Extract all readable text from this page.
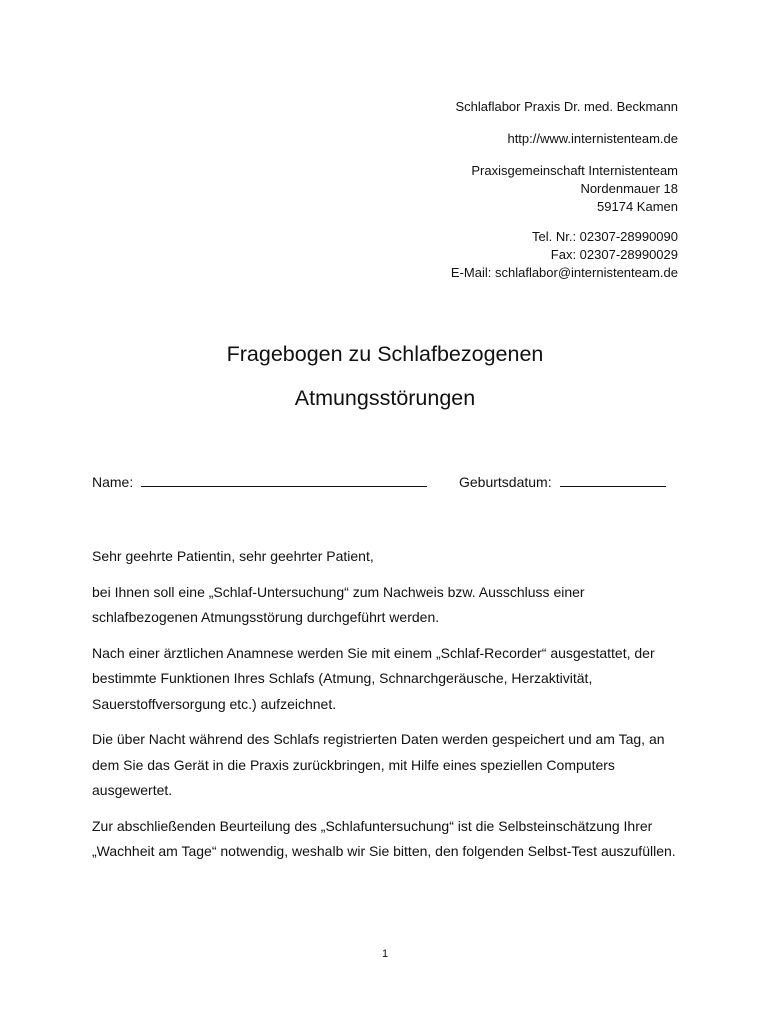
Schlaflabor Praxis Dr. med. Beckmann
http://www.internistenteam.de
Praxisgemeinschaft Internistenteam
Nordenmauer 18
59174 Kamen
Tel. Nr.: 02307-28990090
Fax: 02307-28990029
E-Mail: schlaflabor@internistenteam.de
Fragebogen zu Schlafbezogenen
Atmungsstörungen
Name:	Geburtsdatum:

Sehr geehrte Patientin, sehr geehrter Patient,

bei Ihnen soll eine „Schlaf-Untersuchung“ zum Nachweis bzw. Ausschluss einer schlafbezogenen Atmungsstörung durchgeführt werden.

Nach einer ärztlichen Anamnese werden Sie mit einem „Schlaf-Recorder“ ausgestattet, der bestimmte Funktionen Ihres Schlafs (Atmung, Schnarchgeräusche, Herzaktivität, Sauerstoffversorgung etc.) aufzeichnet.

Die über Nacht während des Schlafs registrierten Daten werden gespeichert und am Tag, an dem Sie das Gerät in die Praxis zurückbringen, mit Hilfe eines speziellen Computers ausgewertet.

Zur abschließenden Beurteilung des „Schlafuntersuchung“ ist die Selbsteinschätzung Ihrer „Wachheit am Tage“ notwendig, weshalb wir Sie bitten, den folgenden Selbst-Test auszufüllen.

1
